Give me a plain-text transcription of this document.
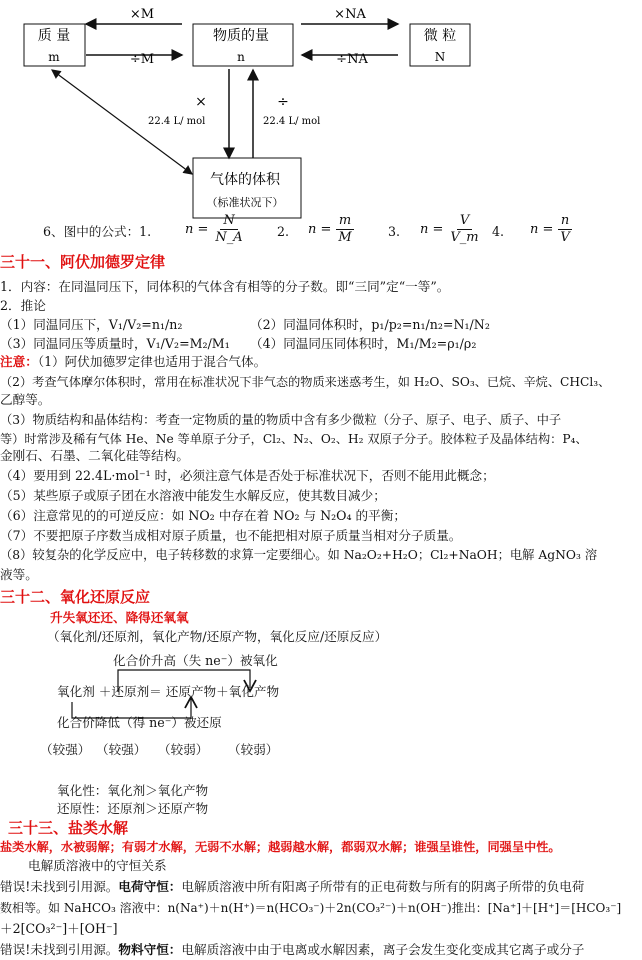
质 量
m
物质的量
n
微 粒
N
气体的体积
（标准状况下）
×M
÷M
×NA
÷NA
×	÷
22.4 L/ mol	22.4 L/ mol
6、图中的公式：1.	$n = \frac{N}{N\_A} 2$. $n = \frac{m}{M}$	3. $n = \frac{V}{V\_m} 4$. $n = \frac{n}{V}$
三十一、阿伏加德罗定律
1．内容：在同温同压下，同体积的气体含有相等的分子数。即“三同”定“一等”。
2．推论
（1）同温同压下，V₁/V₂=n₁/n₂	（2）同温同体积时，p₁/p₂=n₁/n₂=N₁/N₂
（3）同温同压等质量时，V₁/V₂=M₂/M₁ （4）同温同压同体积时，M₁/M₂=ρ₁/ρ₂
注意：（1）阿伏加德罗定律也适用于混合气体。
（2）考查气体摩尔体积时，常用在标准状况下非气态的物质来迷惑考生，如 H₂O、SO₃、已烷、辛烷、CHCl₃、
乙醇等。
（3）物质结构和晶体结构：考查一定物质的量的物质中含有多少微粒（分子、原子、电子、质子、中子
等）时常涉及稀有气体 He、Ne 等单原子分子，Cl₂、N₂、O₂、H₂ 双原子分子。胶体粒子及晶体结构：P₄、
金刚石、石墨、二氧化硅等结构。
（4）要用到 22.4L·mol⁻¹ 时，必须注意气体是否处于标准状况下，否则不能用此概念；
（5）某些原子或原子团在水溶液中能发生水解反应，使其数目减少；
（6）注意常见的的可逆反应：如 NO₂ 中存在着 NO₂ 与 N₂O₄ 的平衡；
（7）不要把原子序数当成相对原子质量，也不能把相对原子质量当相对分子质量。
（8）较复杂的化学反应中，电子转移数的求算一定要细心。如 Na₂O₂+H₂O；Cl₂+NaOH；电解 AgNO₃ 溶
液等。
三十二、氧化还原反应
升失氧还还、降得还氧氧
（氧化剂/还原剂，氧化产物/还原产物，氧化反应/还原反应）
化合价升高（失 ne⁻）被氧化
氧化剂 ＋还原剂＝ 还原产物＋氧化产物
化合价降低（得 ne⁻）被还原
（较强） （较强） （较弱） （较弱）
氧化性：氧化剂＞氧化产物
还原性：还原剂＞还原产物
三十三、盐类水解
盐类水解，水被弱解；有弱才水解，无弱不水解；越弱越水解，都弱双水解；谁强呈谁性，同强呈中性。
电解质溶液中的守恒关系
错误!未找到引用源。电荷守恒：电解质溶液中所有阳离子所带有的正电荷数与所有的阴离子所带的负电荷
数相等。如 NaHCO₃ 溶液中：n(Na⁺)＋n(H⁺)＝n(HCO₃⁻)＋2n(CO₃²⁻)＋n(OH⁻)推出：[Na⁺]＋[H⁺]＝[HCO₃⁻]
＋2[CO₃²⁻]＋[OH⁻]
错误!未找到引用源。物料守恒：电解质溶液中由于电离或水解因素，离子会发生变化变成其它离子或分子
